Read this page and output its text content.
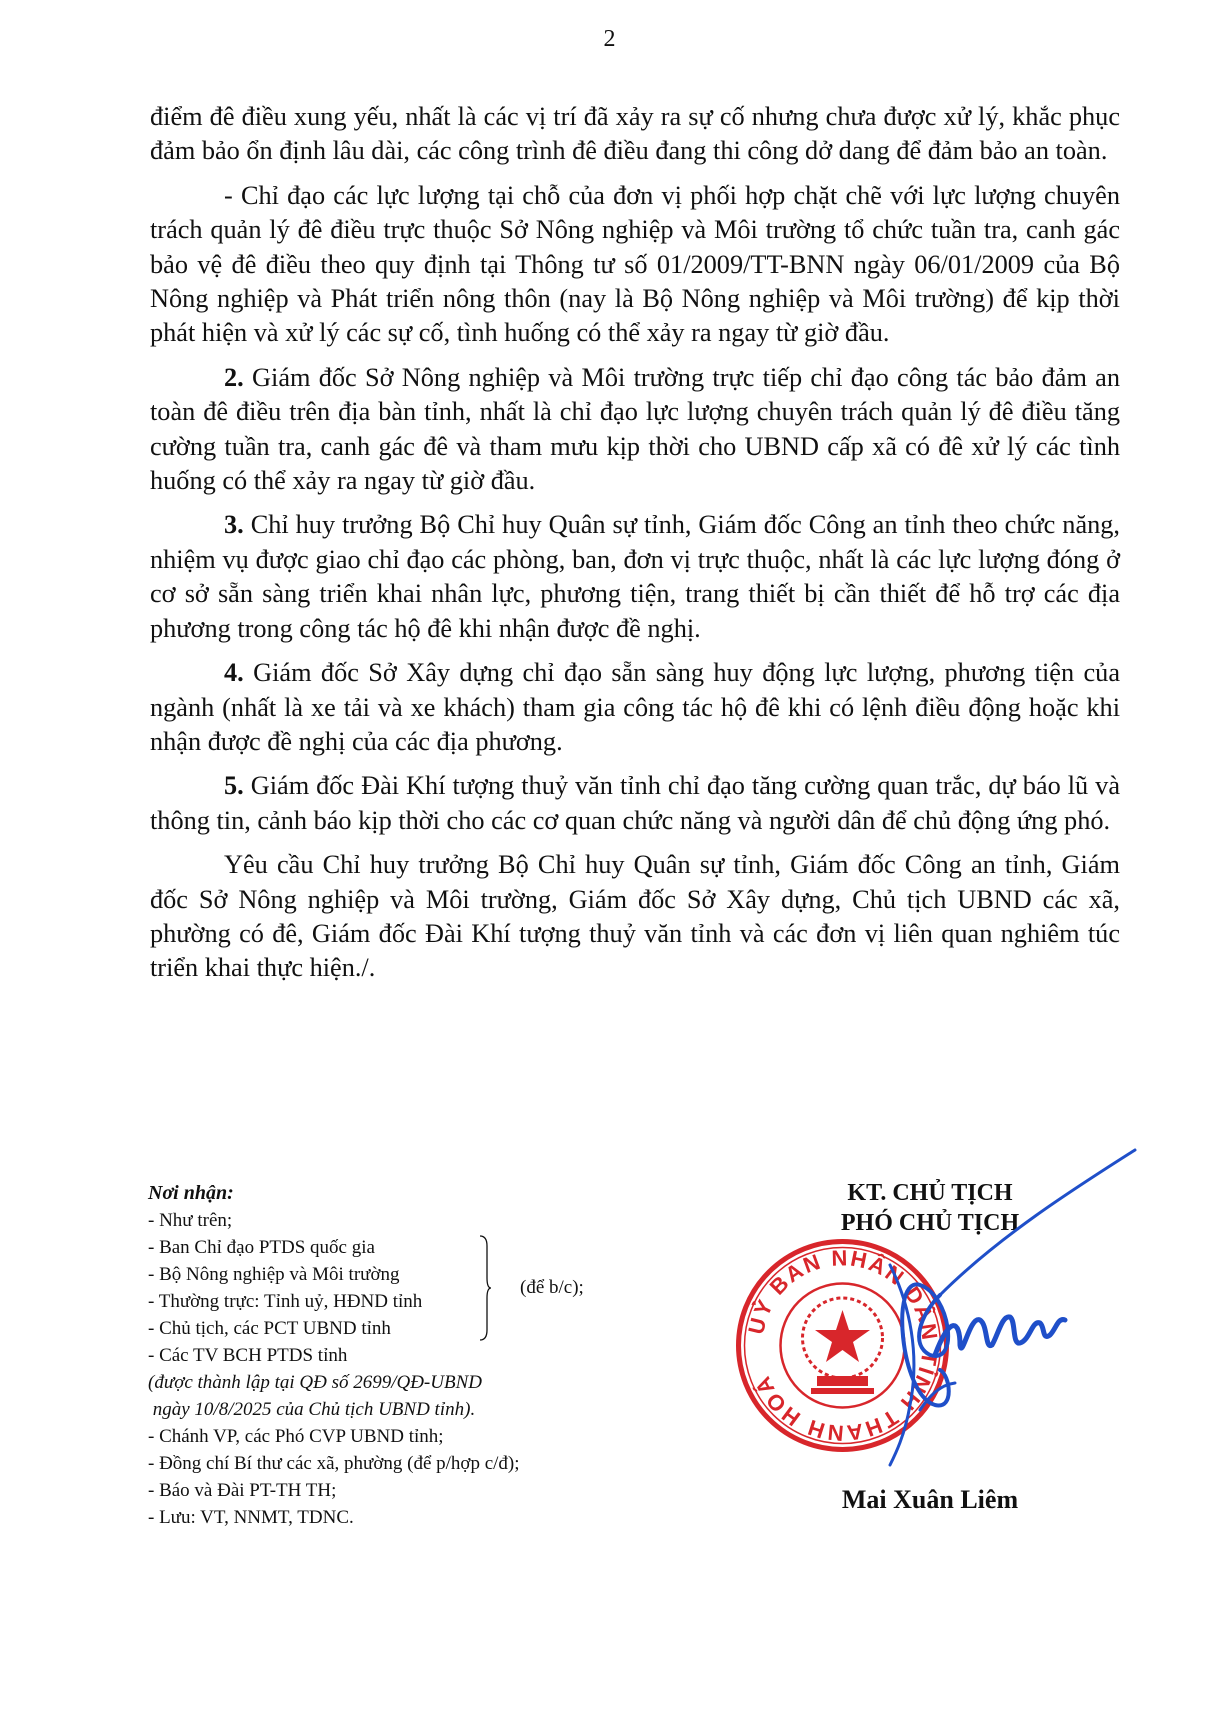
2

điểm đê điều xung yếu, nhất là các vị trí đã xảy ra sự cố nhưng chưa được xử lý, khắc phục đảm bảo ổn định lâu dài, các công trình đê điều đang thi công dở dang để đảm bảo an toàn.

- Chỉ đạo các lực lượng tại chỗ của đơn vị phối hợp chặt chẽ với lực lượng chuyên trách quản lý đê điều trực thuộc Sở Nông nghiệp và Môi trường tổ chức tuần tra, canh gác bảo vệ đê điều theo quy định tại Thông tư số 01/2009/TT-BNN ngày 06/01/2009 của Bộ Nông nghiệp và Phát triển nông thôn (nay là Bộ Nông nghiệp và Môi trường) để kịp thời phát hiện và xử lý các sự cố, tình huống có thể xảy ra ngay từ giờ đầu.

2. Giám đốc Sở Nông nghiệp và Môi trường trực tiếp chỉ đạo công tác bảo đảm an toàn đê điều trên địa bàn tỉnh, nhất là chỉ đạo lực lượng chuyên trách quản lý đê điều tăng cường tuần tra, canh gác đê và tham mưu kịp thời cho UBND cấp xã có đê xử lý các tình huống có thể xảy ra ngay từ giờ đầu.

3. Chỉ huy trưởng Bộ Chỉ huy Quân sự tỉnh, Giám đốc Công an tỉnh theo chức năng, nhiệm vụ được giao chỉ đạo các phòng, ban, đơn vị trực thuộc, nhất là các lực lượng đóng ở cơ sở sẵn sàng triển khai nhân lực, phương tiện, trang thiết bị cần thiết để hỗ trợ các địa phương trong công tác hộ đê khi nhận được đề nghị.

4. Giám đốc Sở Xây dựng chỉ đạo sẵn sàng huy động lực lượng, phương tiện của ngành (nhất là xe tải và xe khách) tham gia công tác hộ đê khi có lệnh điều động hoặc khi nhận được đề nghị của các địa phương.

5. Giám đốc Đài Khí tượng thuỷ văn tỉnh chỉ đạo tăng cường quan trắc, dự báo lũ và thông tin, cảnh báo kịp thời cho các cơ quan chức năng và người dân để chủ động ứng phó.

Yêu cầu Chỉ huy trưởng Bộ Chỉ huy Quân sự tỉnh, Giám đốc Công an tỉnh, Giám đốc Sở Nông nghiệp và Môi trường, Giám đốc Sở Xây dựng, Chủ tịch UBND các xã, phường có đê, Giám đốc Đài Khí tượng thuỷ văn tỉnh và các đơn vị liên quan nghiêm túc triển khai thực hiện./.

Nơi nhận:
- Như trên;
- Ban Chỉ đạo PTDS quốc gia
- Bộ Nông nghiệp và Môi trường
- Thường trực: Tỉnh uỷ, HĐND tỉnh
- Chủ tịch, các PCT UBND tỉnh
(để b/c);
- Các TV BCH PTDS tỉnh
(được thành lập tại QĐ số 2699/QĐ-UBND
ngày 10/8/2025 của Chủ tịch UBND tỉnh).
- Chánh VP, các Phó CVP UBND tỉnh;
- Đồng chí Bí thư các xã, phường (để p/hợp c/đ);
- Báo và Đài PT-TH TH;
- Lưu: VT, NNMT, TDNC.
KT. CHỦ TỊCH
PHÓ CHỦ TỊCH
UỶ BAN NHÂN DÂN TỈNH THANH HOÁ
Mai Xuân Liêm
